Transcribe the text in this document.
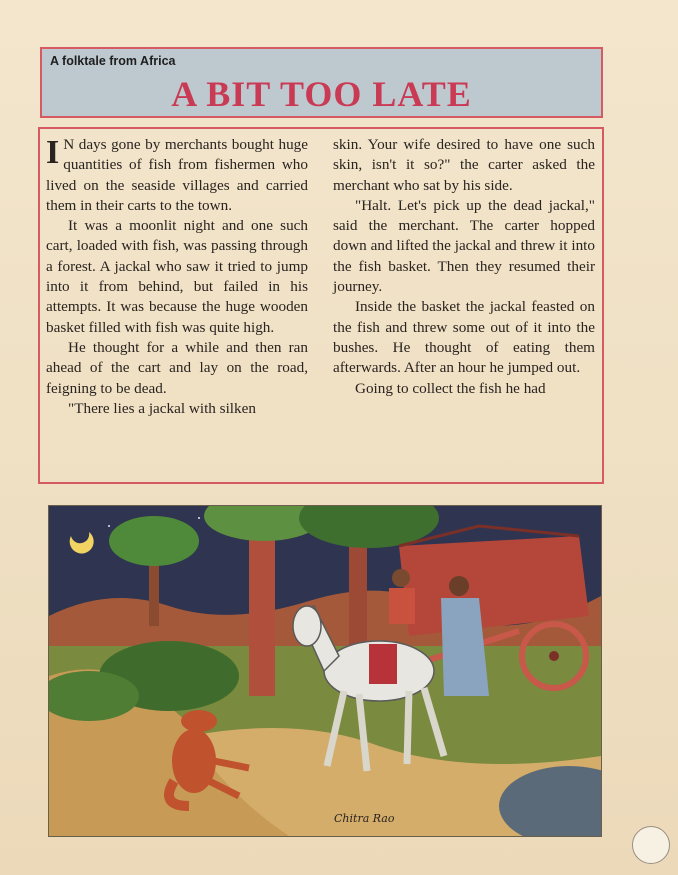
A folktale from Africa
A BIT TOO LATE

I N days gone by merchants bought huge quantities of fish from fishermen who lived on the seaside villages and carried them in their carts to the town.

It was a moonlit night and one such cart, loaded with fish, was passing through a forest. A jackal who saw it tried to jump into it from behind, but failed in his attempts. It was because the huge wooden basket filled with fish was quite high.

He thought for a while and then ran ahead of the cart and lay on the road, feigning to be dead.

"There lies a jackal with silken

skin. Your wife desired to have one such skin, isn't it so?" the carter asked the merchant who sat by his side.

"Halt. Let's pick up the dead jackal," said the merchant. The carter hopped down and lifted the jackal and threw it into the fish basket. Then they resumed their journey.

Inside the basket the jackal feasted on the fish and threw some out of it into the bushes. He thought of eating them afterwards. After an hour he jumped out.

Going to collect the fish he had

Chitra Rao
